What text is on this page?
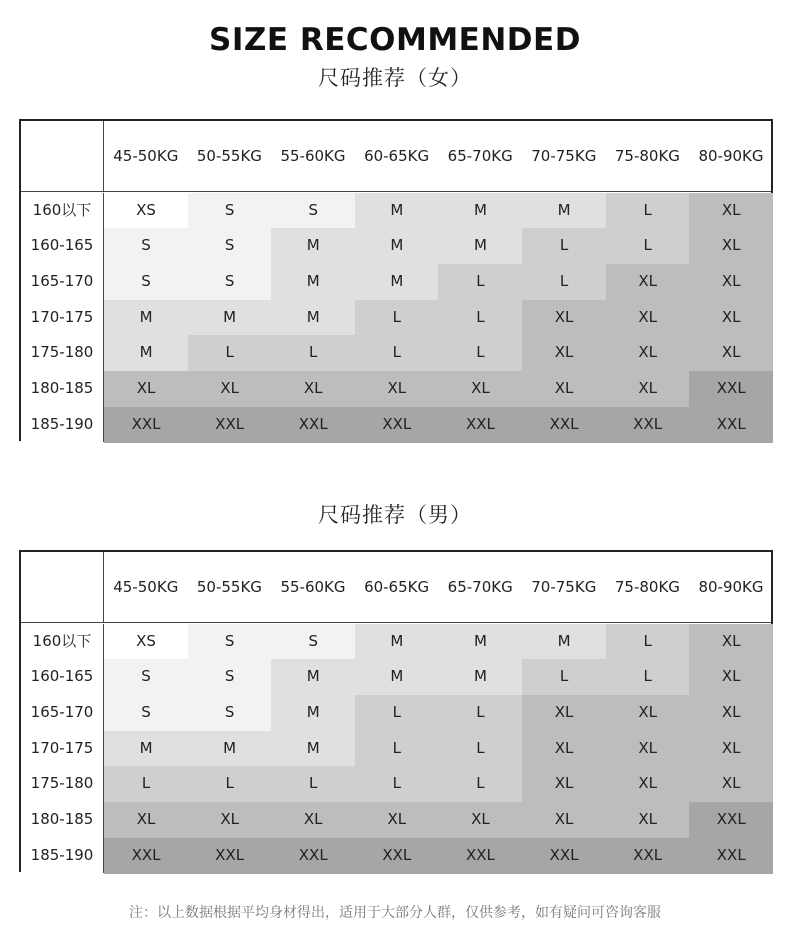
SIZE RECOMMENDED
尺码推荐（女）
45-50KG	50-55KG	55-60KG	60-65KG	65-70KG	70-75KG	75-80KG	80-90KG
160以下	XS	S	S	M	M	M	L	XL
160-165	S	S	M	M	M	L	L	XL
165-170	S	S	M	M	L	L	XL	XL
170-175	M	M	M	L	L	XL	XL	XL
175-180	M	L	L	L	L	XL	XL	XL
180-185	XL	XL	XL	XL	XL	XL	XL	XXL
185-190	XXL	XXL	XXL	XXL	XXL	XXL	XXL	XXL
尺码推荐（男）
45-50KG	50-55KG	55-60KG	60-65KG	65-70KG	70-75KG	75-80KG	80-90KG
160以下	XS	S	S	M	M	M	L	XL
160-165	S	S	M	M	M	L	L	XL
165-170	S	S	M	L	L	XL	XL	XL
170-175	M	M	M	L	L	XL	XL	XL
175-180	L	L	L	L	L	XL	XL	XL
180-185	XL	XL	XL	XL	XL	XL	XL	XXL
185-190	XXL	XXL	XXL	XXL	XXL	XXL	XXL	XXL
注：以上数据根据平均身材得出，适用于大部分人群，仅供参考，如有疑问可咨询客服
